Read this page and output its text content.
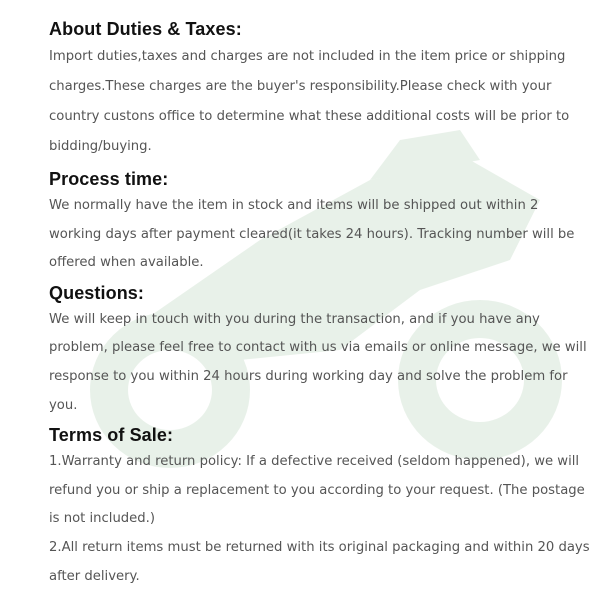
About Duties & Taxes:

Import duties,taxes and charges are not included in the item price or shipping charges.These charges are the buyer's responsibility.Please check with your country custons office to determine what these additional costs will be prior to bidding/buying.

Process time:

We normally have the item in stock and items will be shipped out within 2 working days after payment cleared(it takes 24 hours). Tracking number will be offered when available.

Questions:

We will keep in touch with you during the transaction, and if you have any problem, please feel free to contact with us via emails or online message, we will response to you within 24 hours during working day and solve the problem for you.

Terms of Sale:

1.Warranty and return policy: If a defective received (seldom happened), we will refund you or ship a replacement to you according to your request. (The postage is not included.)

2.All return items must be returned with its original packaging and within 20 days after delivery.
